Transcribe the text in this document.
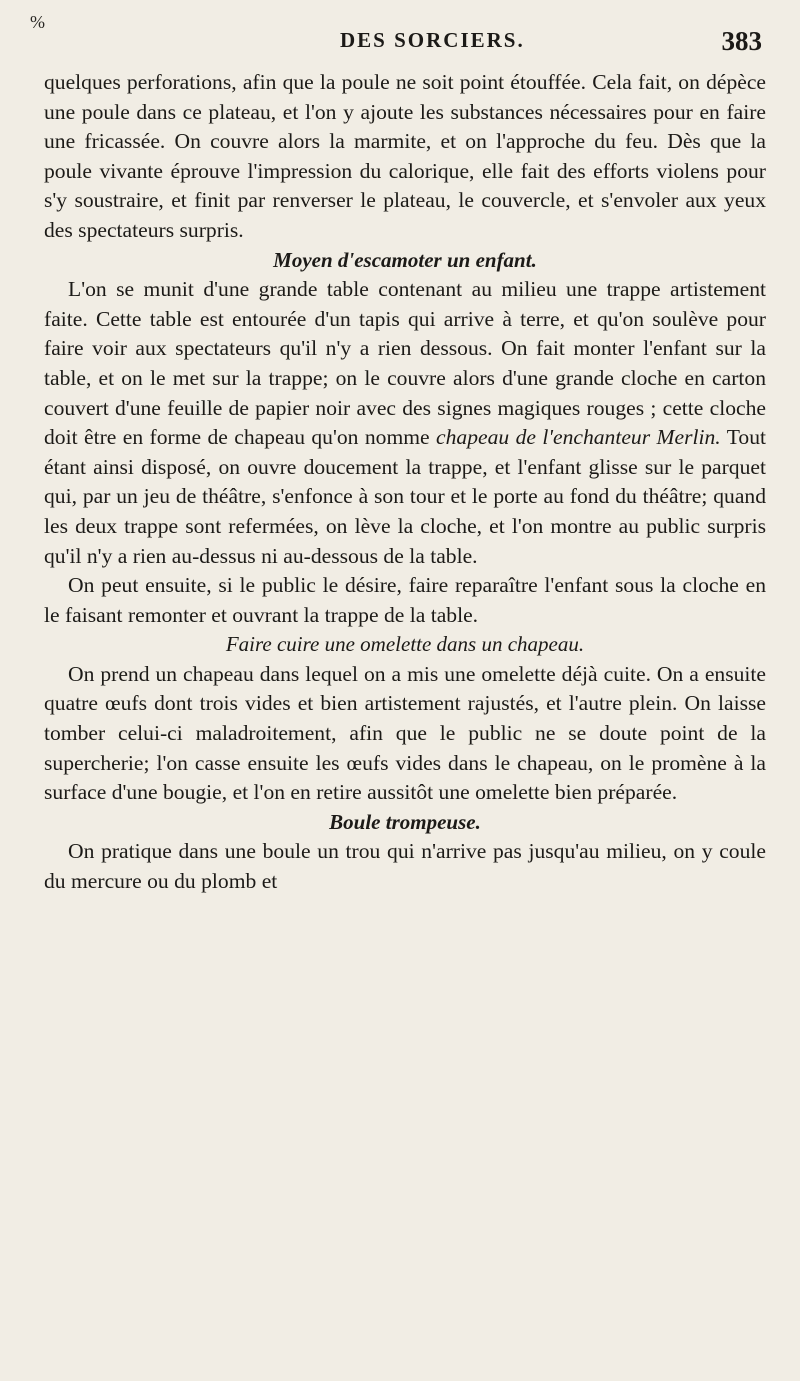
%
DES SORCIERS.	383

quelques perforations, afin que la poule ne soit point étouffée. Cela fait, on dépèce une poule dans ce plateau, et l'on y ajoute les substances nécessaires pour en faire une fricassée. On couvre alors la marmite, et on l'approche du feu. Dès que la poule vivante éprouve l'impression du calorique, elle fait des efforts violens pour s'y soustraire, et finit par renverser le plateau, le couvercle, et s'envoler aux yeux des spectateurs surpris.

Moyen d'escamoter un enfant.

L'on se munit d'une grande table contenant au milieu une trappe artistement faite. Cette table est entourée d'un tapis qui arrive à terre, et qu'on soulève pour faire voir aux spectateurs qu'il n'y a rien dessous. On fait monter l'enfant sur la table, et on le met sur la trappe; on le couvre alors d'une grande cloche en carton couvert d'une feuille de papier noir avec des signes magiques rouges ; cette cloche doit être en forme de chapeau qu'on nomme chapeau de l'enchanteur Merlin. Tout étant ainsi disposé, on ouvre doucement la trappe, et l'enfant glisse sur le parquet qui, par un jeu de théâtre, s'enfonce à son tour et le porte au fond du théâtre; quand les deux trappe sont refermées, on lève la cloche, et l'on montre au public surpris qu'il n'y a rien au-dessus ni au-dessous de la table.

On peut ensuite, si le public le désire, faire reparaître l'enfant sous la cloche en le faisant remonter et ouvrant la trappe de la table.

Faire cuire une omelette dans un chapeau.

On prend un chapeau dans lequel on a mis une omelette déjà cuite. On a ensuite quatre œufs dont trois vides et bien artistement rajustés, et l'autre plein. On laisse tomber celui-ci maladroitement, afin que le public ne se doute point de la supercherie; l'on casse ensuite les œufs vides dans le chapeau, on le promène à la surface d'une bougie, et l'on en retire aussitôt une omelette bien préparée.

Boule trompeuse.

On pratique dans une boule un trou qui n'arrive pas jusqu'au milieu, on y coule du mercure ou du plomb et
